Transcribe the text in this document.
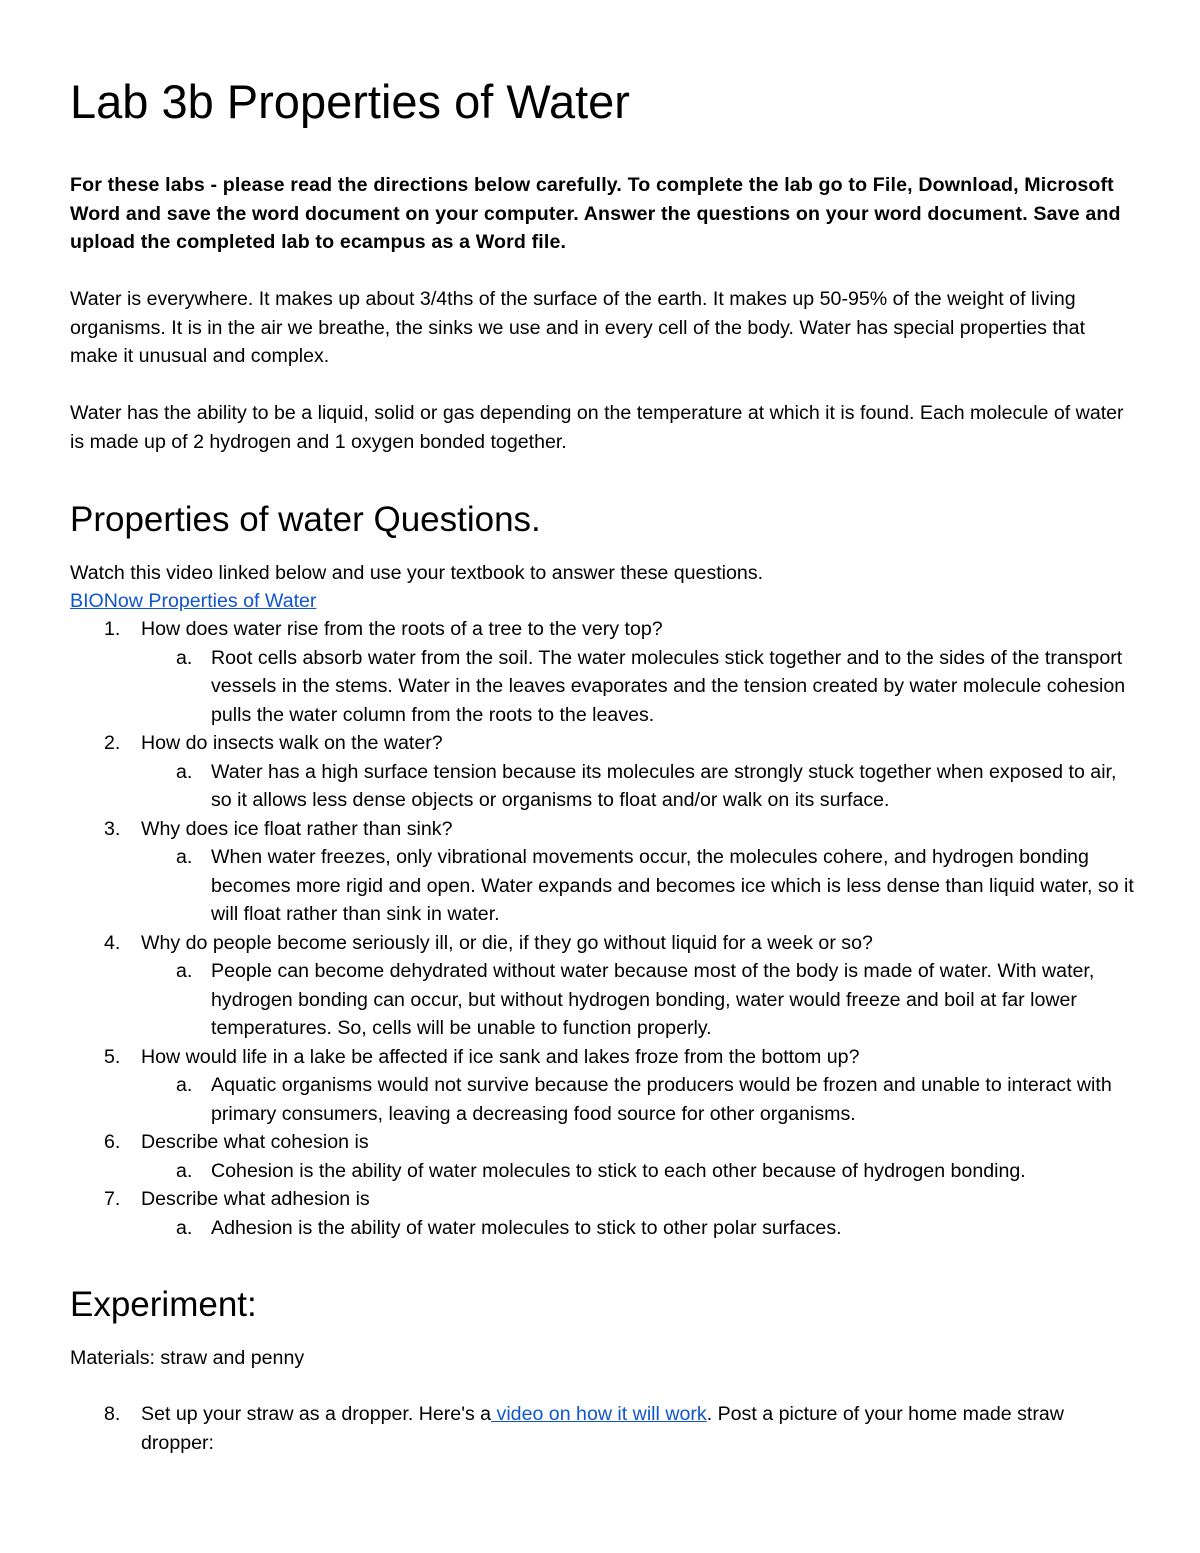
Lab 3b Properties of Water

For these labs - please read the directions below carefully. To complete the lab go to File, Download, Microsoft Word and save the word document on your computer. Answer the questions on your word document. Save and upload the completed lab to ecampus as a Word file.

Water is everywhere. It makes up about 3/4ths of the surface of the earth. It makes up 50-95% of the weight of living organisms. It is in the air we breathe, the sinks we use and in every cell of the body. Water has special properties that make it unusual and complex.

Water has the ability to be a liquid, solid or gas depending on the temperature at which it is found. Each molecule of water is made up of 2 hydrogen and 1 oxygen bonded together.

Properties of water Questions.

Watch this video linked below and use your textbook to answer these questions.

BIONow Properties of Water

1.	How does water rise from the roots of a tree to the very top?
a. Root cells absorb water from the soil. The water molecules stick together and to the sides of the transport vessels in the stems. Water in the leaves evaporates and the tension created by water molecule cohesion pulls the water column from the roots to the leaves.
2.	How do insects walk on the water?
a. Water has a high surface tension because its molecules are strongly stuck together when exposed to air, so it allows less dense objects or organisms to float and/or walk on its surface.
3.	Why does ice float rather than sink?
a. When water freezes, only vibrational movements occur, the molecules cohere, and hydrogen bonding becomes more rigid and open. Water expands and becomes ice which is less dense than liquid water, so it will float rather than sink in water.
4.	Why do people become seriously ill, or die, if they go without liquid for a week or so?
a. People can become dehydrated without water because most of the body is made of water. With water, hydrogen bonding can occur, but without hydrogen bonding, water would freeze and boil at far lower temperatures. So, cells will be unable to function properly.
5.	How would life in a lake be affected if ice sank and lakes froze from the bottom up?
a. Aquatic organisms would not survive because the producers would be frozen and unable to interact with primary consumers, leaving a decreasing food source for other organisms.
6.	Describe what cohesion is
a. Cohesion is the ability of water molecules to stick to each other because of hydrogen bonding.
7.	Describe what adhesion is
a. Adhesion is the ability of water molecules to stick to other polar surfaces.
Experiment:

Materials: straw and penny

8.	Set up your straw as a dropper. Here's a video on how it will work. Post a picture of your home made straw dropper:
